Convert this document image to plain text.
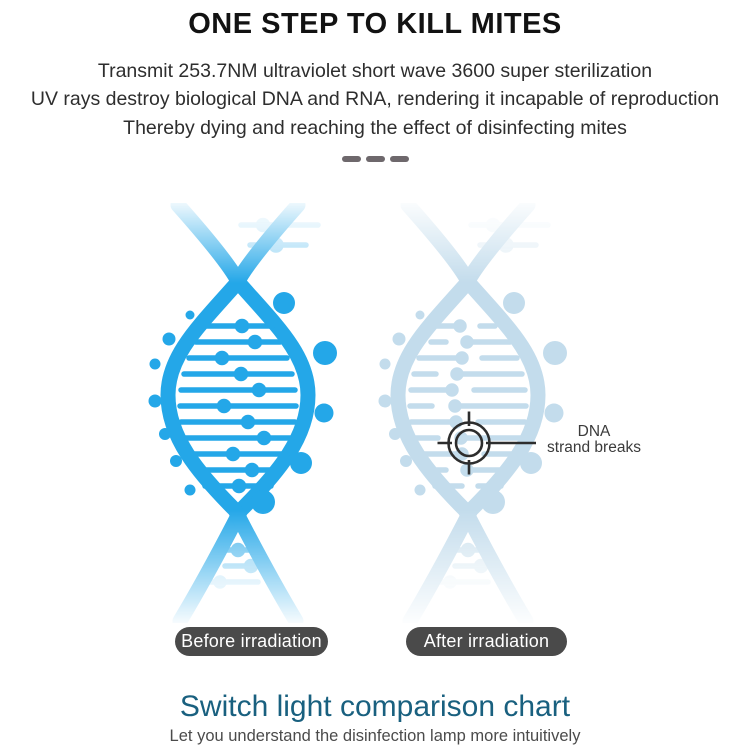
ONE STEP TO KILL MITES

Transmit 253.7NM ultraviolet short wave 3600 super sterilization

UV rays destroy biological DNA and RNA, rendering it incapable of reproduction

Thereby dying and reaching the effect of disinfecting mites

DNA
strand breaks
Before irradiation	After irradiation
Switch light comparison chart
Let you understand the disinfection lamp more intuitively
